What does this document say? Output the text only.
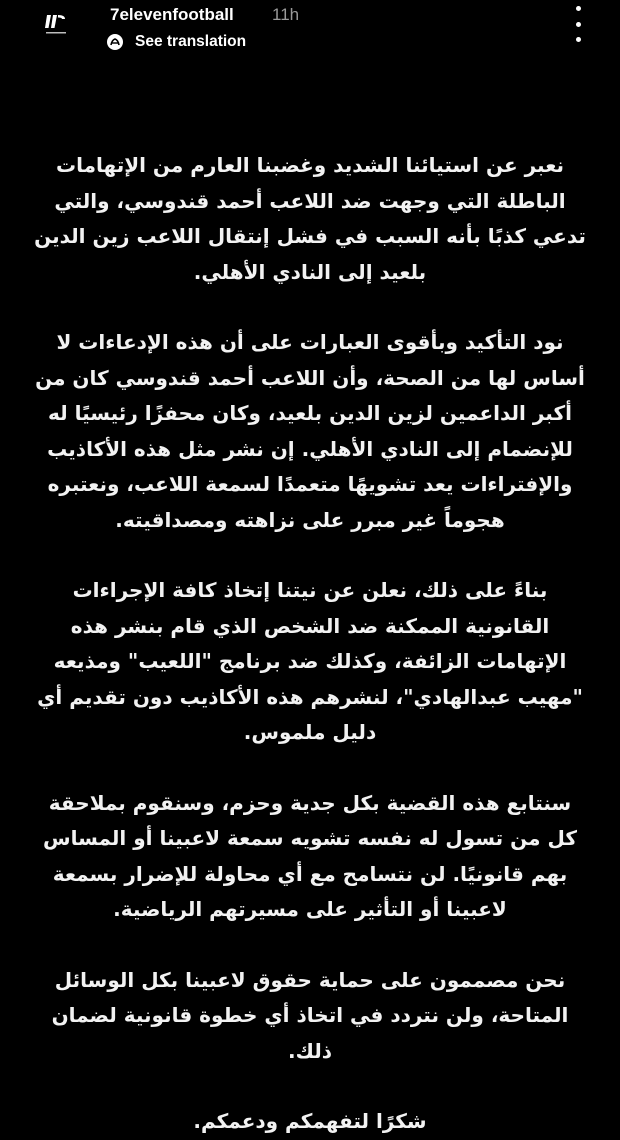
7elevenfootball 11h
See translation

نعبر عن استيائنا الشديد وغضبنا العارم من الإتهامات الباطلة التي وجهت ضد اللاعب أحمد قندوسي، والتي تدعي كذبًا بأنه السبب في فشل إنتقال اللاعب زين الدين بلعيد إلى النادي الأهلي.

نود التأكيد وبأقوى العبارات على أن هذه الإدعاءات لا أساس لها من الصحة، وأن اللاعب أحمد قندوسي كان من أكبر الداعمين لزين الدين بلعيد، وكان محفزًا رئيسيًا له للإنضمام إلى النادي الأهلي. إن نشر مثل هذه الأكاذيب والإفتراءات يعد تشويهًا متعمدًا لسمعة اللاعب، ونعتبره هجوماً غير مبرر على نزاهته ومصداقيته.

بناءً على ذلك، نعلن عن نيتنا إتخاذ كافة الإجراءات القانونية الممكنة ضد الشخص الذي قام بنشر هذه الإتهامات الزائفة، وكذلك ضد برنامج "اللعيب" ومذيعه "مهيب عبدالهادي"، لنشرهم هذه الأكاذيب دون تقديم أي دليل ملموس.

سنتابع هذه القضية بكل جدية وحزم، وسنقوم بملاحقة كل من تسول له نفسه تشويه سمعة لاعبينا أو المساس بهم قانونيًا. لن نتسامح مع أي محاولة للإضرار بسمعة لاعبينا أو التأثير على مسيرتهم الرياضية.

نحن مصممون على حماية حقوق لاعبينا بكل الوسائل المتاحة، ولن نتردد في اتخاذ أي خطوة قانونية لضمان ذلك.

شكرًا لتفهمكم ودعمكم.
